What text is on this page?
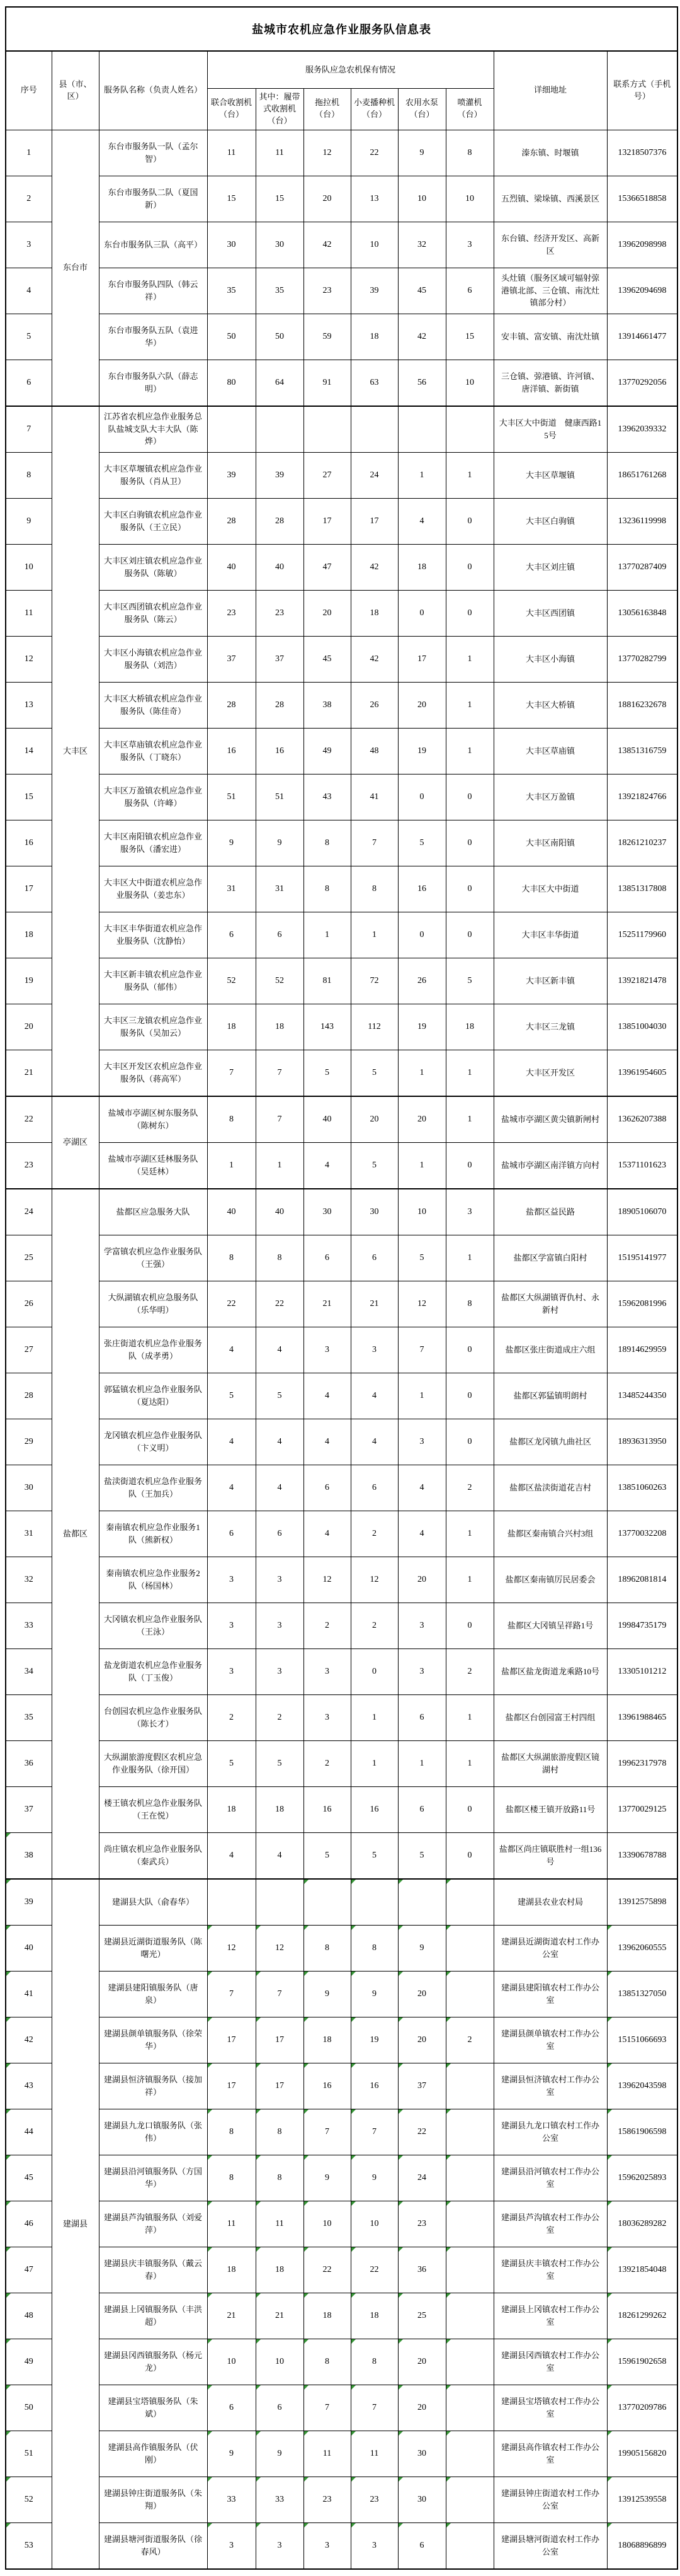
盐城市农机应急作业服务队信息表										
序号	县（市、区）	服务队名称（负责人姓名）	服务队应急农机保有情况						详细地址	联系方式（手机号）
			联合收割机（台）	其中：履带式收割机（台）	拖拉机（台）	小麦播种机（台）	农用水泵（台）	喷灌机（台）		
1	东台市	东台市服务队一队（孟尔智）	11	11	12	22	9	8	溱东镇、时堰镇	13218507376
2		东台市服务队二队（夏国新）	15	15	20	13	10	10	五烈镇、梁垛镇、西溪景区	15366518858
3		东台市服务队三队（高平）	30	30	42	10	32	3	东台镇、经济开发区、高新区	13962098998
4		东台市服务队四队（韩云祥）	35	35	23	39	45	6	头灶镇（服务区域可辐射弶港镇北部、三仓镇、南沈灶镇部分村）	13962094698
5		东台市服务队五队（袁进华）	50	50	59	18	42	15	安丰镇、富安镇、南沈灶镇	13914661477
6		东台市服务队六队（薛志明）	80	64	91	63	56	10	三仓镇、弶港镇、许河镇、唐洋镇、新街镇	13770292056
7	大丰区	江苏省农机应急作业服务总队盐城支队大丰大队（陈烨）							大丰区大中街道　健康西路15号	13962039332
8		大丰区草堰镇农机应急作业服务队（肖从卫）	39	39	27	24	1	1	大丰区草堰镇	18651761268
9		大丰区白驹镇农机应急作业服务队（王立民）	28	28	17	17	4	0	大丰区白驹镇	13236119998
10		大丰区刘庄镇农机应急作业服务队（陈敏）	40	40	47	42	18	0	大丰区刘庄镇	13770287409
11		大丰区西团镇农机应急作业服务队（陈云）	23	23	20	18	0	0	大丰区西团镇	13056163848
12		大丰区小海镇农机应急作业服务队（刘浩）	37	37	45	42	17	1	大丰区小海镇	13770282799
13		大丰区大桥镇农机应急作业服务队（陈佳奇）	28	28	38	26	20	1	大丰区大桥镇	18816232678
14		大丰区草庙镇农机应急作业服务队（丁晓东）	16	16	49	48	19	1	大丰区草庙镇	13851316759
15		大丰区万盈镇农机应急作业服务队（许峰）	51	51	43	41	0	0	大丰区万盈镇	13921824766
16		大丰区南阳镇农机应急作业服务队（潘宏进）	9	9	8	7	5	0	大丰区南阳镇	18261210237
17		大丰区大中街道农机应急作业服务队（姜忠东）	31	31	8	8	16	0	大丰区大中街道	13851317808
18		大丰区丰华街道农机应急作业服务队（沈静怡）	6	6	1	1	0	0	大丰区丰华街道	15251179960
19		大丰区新丰镇农机应急作业服务队（郁伟）	52	52	81	72	26	5	大丰区新丰镇	13921821478
20		大丰区三龙镇农机应急作业服务队（吴加云）	18	18	143	112	19	18	大丰区三龙镇	13851004030
21		大丰区开发区农机应急作业服务队（蒋高军）	7	7	5	5	1	1	大丰区开发区	13961954605
22	亭湖区	盐城市亭湖区树东服务队（陈树东）	8	7	40	20	20	1	盐城市亭湖区黄尖镇新闸村	13626207388
23		盐城市亭湖区廷林服务队（吴廷林）	1	1	4	5	1	0	盐城市亭湖区南洋镇方向村	15371101623
24	盐都区	盐都区应急服务大队	40	40	30	30	10	3	盐都区益民路	18905106070
25		学富镇农机应急作业服务队（王强）	8	8	6	6	5	1	盐都区学富镇白阳村	15195141977
26		大纵湖镇农机应急服务队（乐华明）	22	22	21	21	12	8	盐都区大纵湖镇胥仇村、永新村	15962081996
27		张庄街道农机应急作业服务队（成孝勇）	4	4	3	3	7	0	盐都区张庄街道成庄六组	18914629959
28		郭猛镇农机应急作业服务队（夏达阳）	5	5	4	4	1	0	盐都区郭猛镇明朗村	13485244350
29		龙冈镇农机应急作业服务队（卞义明）	4	4	4	4	3	0	盐都区龙冈镇九曲社区	18936313950
30		盐渎街道农机应急作业服务队（王加兵）	4	4	6	6	4	2	盐都区盐渎街道花吉村	13851060263
31		秦南镇农机应急作业服务1队（熊新权）	6	6	4	2	4	1	盐都区秦南镇合兴村3组	13770032208
32		秦南镇农机应急作业服务2队（杨国林）	3	3	12	12	20	1	盐都区秦南镇厉民居委会	18962081814
33		大冈镇农机应急作业服务队（王泳）	3	3	2	2	3	0	盐都区大冈镇呈祥路1号	19984735179
34		盐龙街道农机应急作业服务队（丁玉俊）	3	3	3	0	3	2	盐都区盐龙街道龙乘路10号	13305101212
35		台创园农机应急作业服务队（陈长才）	2	2	3	1	6	1	盐都区台创园富王村四组	13961988465
36		大纵湖旅游度假区农机应急作业服务队（徐开国）	5	5	2	1	1	1	盐都区大纵湖旅游度假区镜湖村	19962317978
37		楼王镇农机应急作业服务队（王在悦）	18	18	16	16	6	0	盐都区楼王镇开放路11号	13770029125
38		尚庄镇农机应急作业服务队（秦武兵）	4	4	5	5	5	0	盐都区尚庄镇联胜村一组136号	13390678788
39	建湖县	建湖县大队（俞春华）							建湖县农业农村局	13912575898
40		建湖县近湖街道服务队（陈曙光）	12	12	8	8	9		建湖县近湖街道农村工作办公室	13962060555
41		建湖县建阳镇服务队（唐泉）	7	7	9	9	20		建湖县建阳镇农村工作办公室	13851327050
42		建湖县颜单镇服务队（徐荣华）	17	17	18	19	20	2	建湖县颜单镇农村工作办公室	15151066693
43		建湖县恒济镇服务队（接加祥）	17	17	16	16	37		建湖县恒济镇农村工作办公室	13962043598
44		建湖县九龙口镇服务队（张伟）	8	8	7	7	22		建湖县九龙口镇农村工作办公室	15861906598
45		建湖县沿河镇服务队（方国华）	8	8	9	9	24		建湖县沿河镇农村工作办公室	15962025893
46		建湖县芦沟镇服务队（刘爱萍）	11	11	10	10	23		建湖县芦沟镇农村工作办公室	18036289282
47		建湖县庆丰镇服务队（戴云春）	18	18	22	22	36		建湖县庆丰镇农村工作办公室	13921854048
48		建湖县上冈镇服务队（丰洪超）	21	21	18	18	25		建湖县上冈镇农村工作办公室	18261299262
49		建湖县冈西镇服务队（杨元龙）	10	10	8	8	20		建湖县冈西镇农村工作办公室	15961902658
50		建湖县宝塔镇服务队（朱斌）	6	6	7	7	20		建湖县宝塔镇农村工作办公室	13770209786
51		建湖县高作镇服务队（伏刚）	9	9	11	11	30		建湖县高作镇农村工作办公室	19905156820
52		建湖县钟庄街道服务队（朱翔）	33	33	23	23	30		建湖县钟庄街道农村工作办公室	13912539558
53		建湖县塘河街道服务队（徐春风）	3	3	3	3	6		建湖县塘河街道农村工作办公室	18068896899
